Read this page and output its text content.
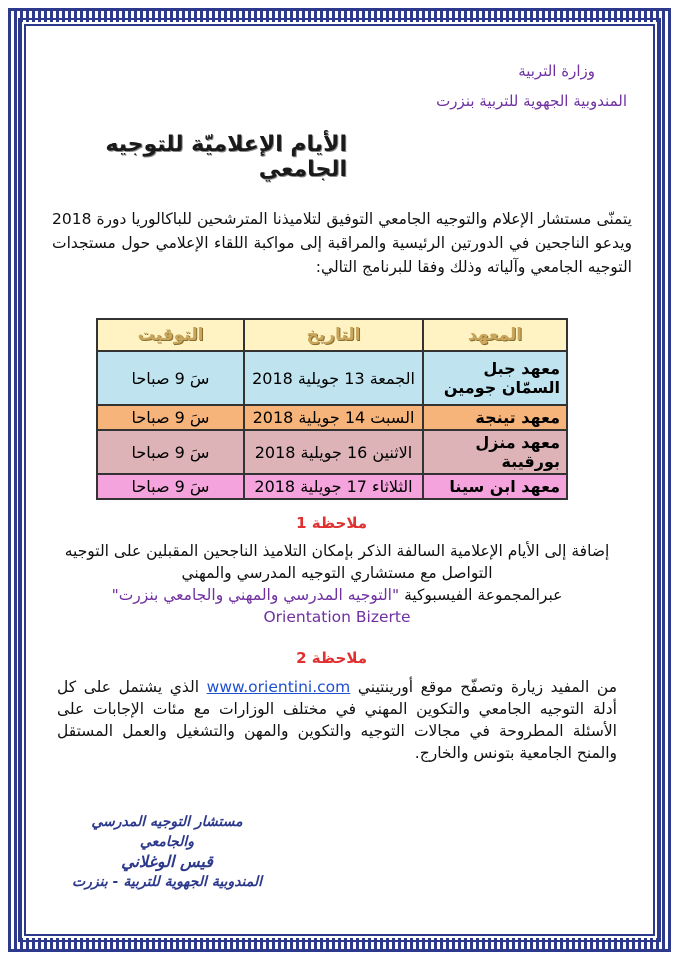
وزارة التربية
المندوبية الجهوية للتربية بنزرت
الأيام الإعلاميّة للتوجيه الجامعي
يتمنّى مستشار الإعلام والتوجيه الجامعي التوفيق لتلاميذنا المترشحين للباكالوريا دورة 2018 ويدعو الناجحين في الدورتين الرئيسية والمراقبة إلى مواكبة اللقاء الإعلامي حول مستجدات التوجيه الجامعي وآلياته وذلك وفقا للبرنامج التالي:
المعهد	التاريخ	التوقيت
معهد جبل السمّان جومين	الجمعة 13 جويلية 2018	سَ 9 صباحا
معهد تينجة	السبت 14 جويلية 2018	سَ 9 صباحا
معهد منزل بورقيبة	الاثنين 16 جويلية 2018	سَ 9 صباحا
معهد ابن سينا	الثلاثاء 17 جويلية 2018	سَ 9 صباحا
ملاحظة 1
إضافة إلى الأيام الإعلامية السالفة الذكر بإمكان التلاميذ الناجحين المقبلين على التوجيه التواصل مع مستشاري التوجيه المدرسي والمهني
عبرالمجموعة الفيسبوكية "التوجيه المدرسي والمهني والجامعي بنزرت"
Orientation Bizerte
ملاحظة 2
من المفيد زيارة وتصفّح موقع أورينتيني www.orientini.com الذي يشتمل على كل أدلة التوجيه الجامعي والتكوين المهني في مختلف الوزارات مع مئات الإجابات على الأسئلة المطروحة في مجالات التوجيه والتكوين والمهن والتشغيل والعمل المستقل والمنح الجامعية بتونس والخارج.
مستشار التوجيه المدرسي والجامعي
قيس الوغلاني
المندوبية الجهوية للتربية - بنزرت
